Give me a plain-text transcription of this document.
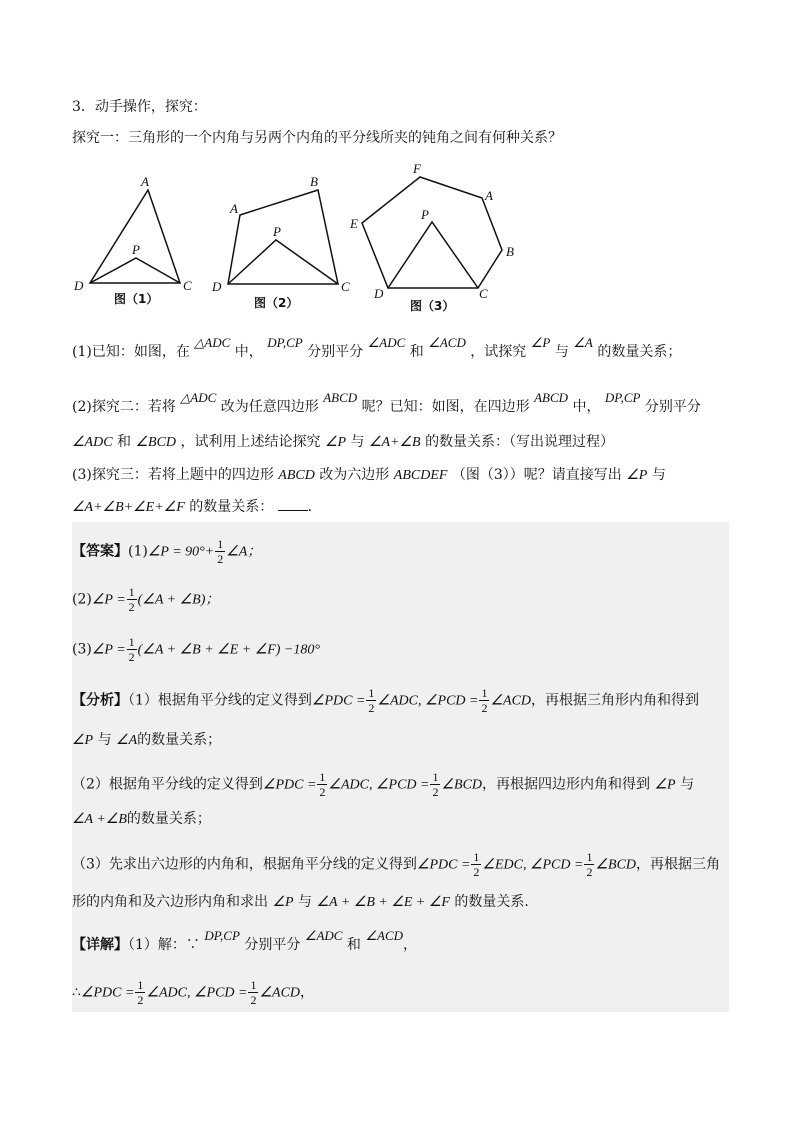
3．动手操作，探究：
探究一：三角形的一个内角与另两个内角的平分线所夹的钝角之间有何种关系？
A
P
D	C
图（1）
A
B
P
D	C
图（2）
F
A
E
P
B
D	C
图（3）
(1)已知：如图，在 △ADC 中， DP,CP 分别平分 ∠ADC 和 ∠ACD ，试探究 ∠P 与 ∠A 的数量关系；
(2)探究二：若将 △ADC 改为任意四边形 ABCD 呢？已知：如图，在四边形 ABCD 中， DP,CP 分别平分
∠ADC 和 ∠BCD ，试利用上述结论探究 ∠P 与 ∠A+∠B 的数量关系：（写出说理过程）
(3)探究三：若将上题中的四边形 ABCD 改为六边形 ABCDEF （图（3））呢？请直接写出 ∠P 与
∠A+∠B+∠E+∠F 的数量关系： ．
【答案】(1)∠P = $90^\circ+ \frac{1}{2}$ ∠A；
(2)∠P = $\frac{1}{2}$ (∠A + ∠B)；
(3)∠P = $\frac{1}{2}$ (∠A + ∠B + ∠E + ∠F) −180°
【分析】（1）根据角平分线的定义得到∠PDC = $\frac{1}{2}$ ∠ADC, ∠PCD = $\frac{1}{2}$ ∠ACD，再根据三角形内角和得到
∠P 与 ∠A的数量关系；
（2）根据角平分线的定义得到∠PDC = $\frac{1}{2}$ ∠ADC, ∠PCD = $\frac{1}{2}$ ∠BCD，再根据四边形内角和得到 ∠P 与
∠A +∠B的数量关系；
（3）先求出六边形的内角和，根据角平分线的定义得到∠PDC = $\frac{1}{2}$ ∠EDC, ∠PCD = $\frac{1}{2}$ ∠BCD，再根据三角
形的内角和及六边形内角和求出 ∠P 与 ∠A + ∠B + ∠E + ∠F 的数量关系.
【详解】（1）解：∵ DP,CP 分别平分 ∠ADC 和 ∠ACD，
∴∠PDC = $\frac{1}{2}$ ∠ADC, ∠PCD = $\frac{1}{2}$ ∠ACD，
